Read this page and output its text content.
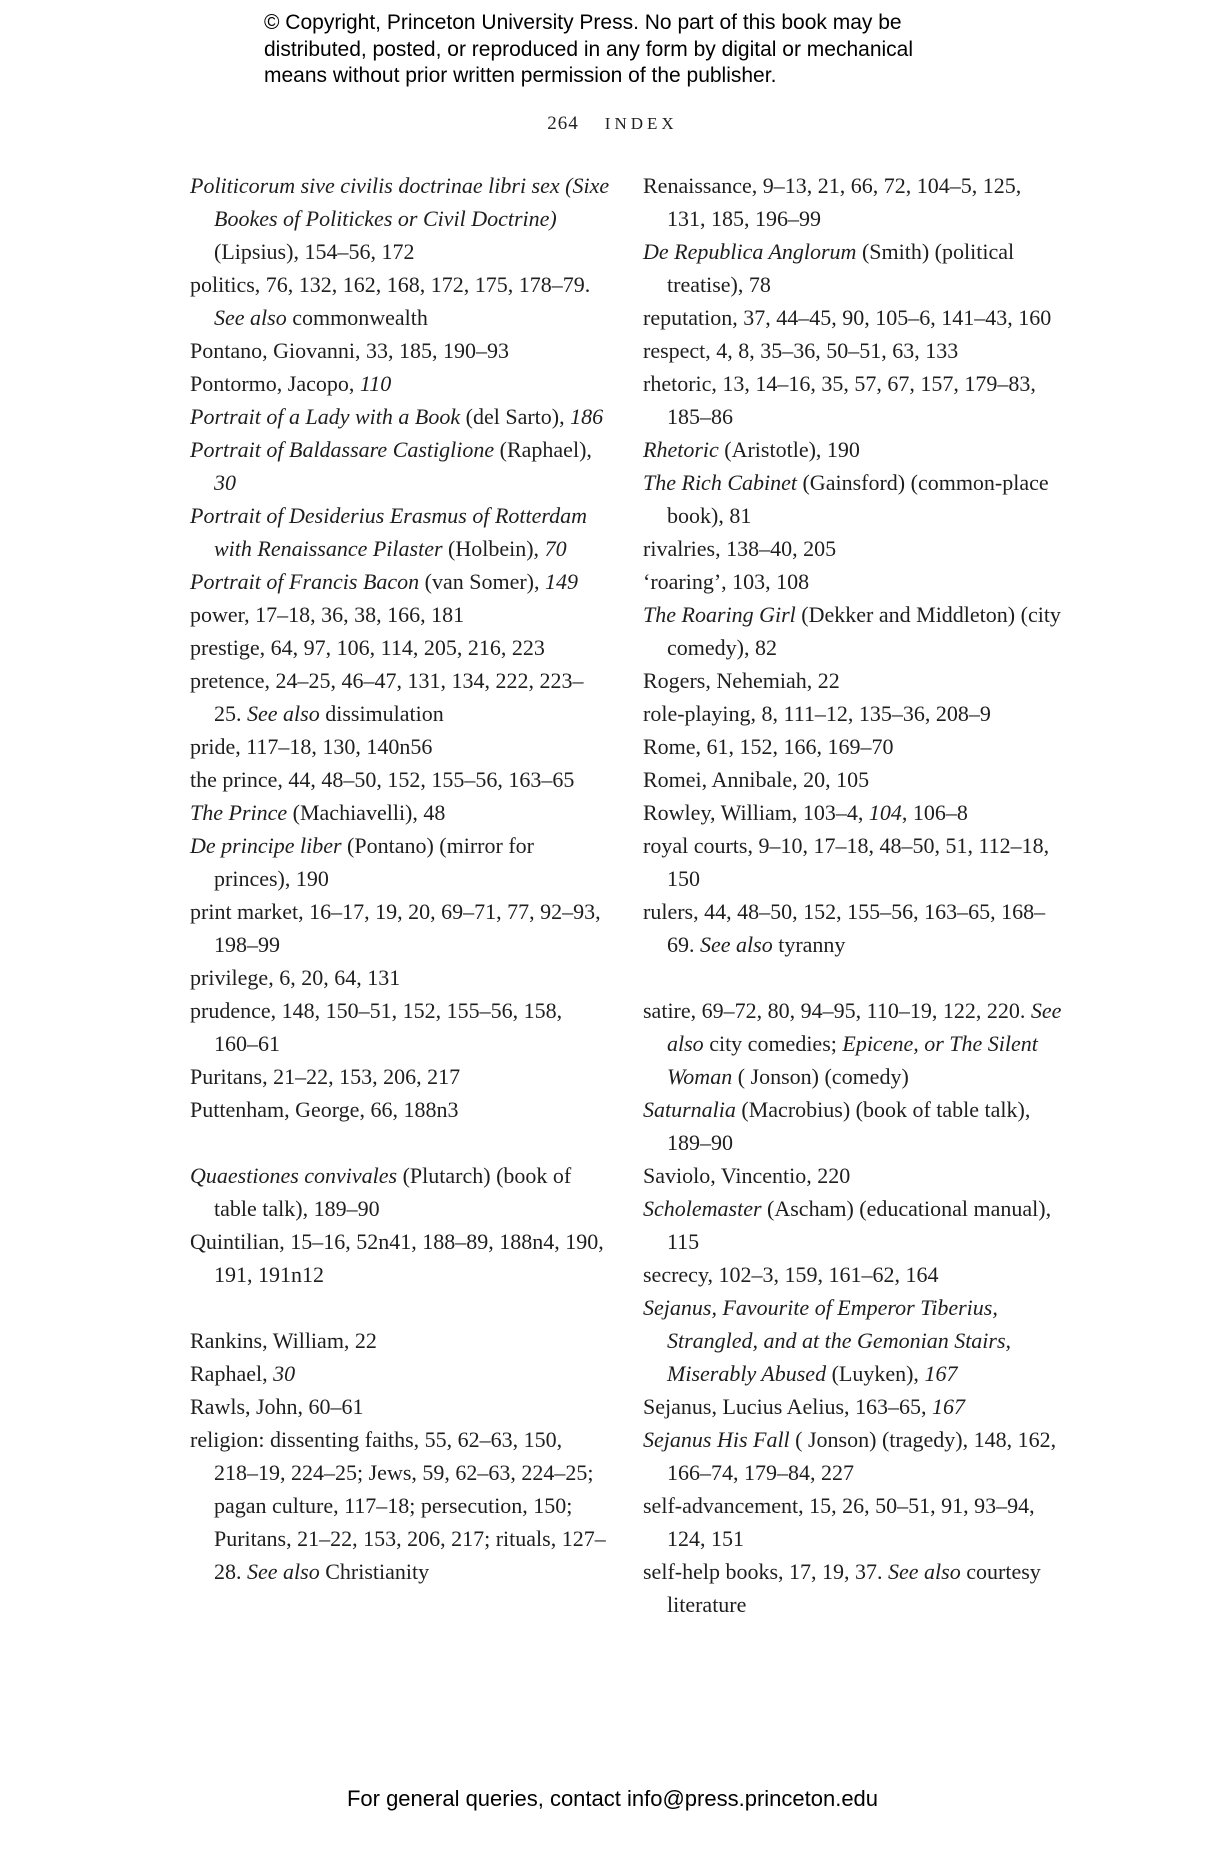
© Copyright, Princeton University Press. No part of this book may be
distributed, posted, or reproduced in any form by digital or mechanical
means without prior written permission of the publisher.
264 INDEX
Politicorum sive civilis doctrinae libri sex (Sixe Bookes of Politickes or Civil Doctrine) (Lipsius), 154–56, 172
politics, 76, 132, 162, 168, 172, 175, 178–79. See also commonwealth
Pontano, Giovanni, 33, 185, 190–93
Pontormo, Jacopo, 110
Portrait of a Lady with a Book (del Sarto), 186
Portrait of Baldassare Castiglione (Raphael), 30
Portrait of Desiderius Erasmus of Rotterdam with Renaissance Pilaster (Holbein), 70
Portrait of Francis Bacon (van Somer), 149
power, 17–18, 36, 38, 166, 181
prestige, 64, 97, 106, 114, 205, 216, 223
pretence, 24–25, 46–47, 131, 134, 222, 223–25. See also dissimulation
pride, 117–18, 130, 140n56
the prince, 44, 48–50, 152, 155–56, 163–65
The Prince (Machiavelli), 48
De principe liber (Pontano) (mirror for princes), 190
print market, 16–17, 19, 20, 69–71, 77, 92–93, 198–99
privilege, 6, 20, 64, 131
prudence, 148, 150–51, 152, 155–56, 158, 160–61
Puritans, 21–22, 153, 206, 217
Puttenham, George, 66, 188n3
Quaestiones convivales (Plutarch) (book of table talk), 189–90
Quintilian, 15–16, 52n41, 188–89, 188n4, 190, 191, 191n12
Rankins, William, 22
Raphael, 30
Rawls, John, 60–61
religion: dissenting faiths, 55, 62–63, 150, 218–19, 224–25; Jews, 59, 62–63, 224–25; pagan culture, 117–18; persecution, 150; Puritans, 21–22, 153, 206, 217; rituals, 127–28. See also Christianity
Renaissance, 9–13, 21, 66, 72, 104–5, 125, 131, 185, 196–99
De Republica Anglorum (Smith) (political treatise), 78
reputation, 37, 44–45, 90, 105–6, 141–43, 160
respect, 4, 8, 35–36, 50–51, 63, 133
rhetoric, 13, 14–16, 35, 57, 67, 157, 179–83, 185–86
Rhetoric (Aristotle), 190
The Rich Cabinet (Gainsford) (common-place book), 81
rivalries, 138–40, 205
‘roaring’, 103, 108
The Roaring Girl (Dekker and Middleton) (city comedy), 82
Rogers, Nehemiah, 22
role-playing, 8, 111–12, 135–36, 208–9
Rome, 61, 152, 166, 169–70
Romei, Annibale, 20, 105
Rowley, William, 103–4, 104, 106–8
royal courts, 9–10, 17–18, 48–50, 51, 112–18, 150
rulers, 44, 48–50, 152, 155–56, 163–65, 168–69. See also tyranny
satire, 69–72, 80, 94–95, 110–19, 122, 220. See also city comedies; Epicene, or The Silent Woman ( Jonson) (comedy)
Saturnalia (Macrobius) (book of table talk), 189–90
Saviolo, Vincentio, 220
Scholemaster (Ascham) (educational manual), 115
secrecy, 102–3, 159, 161–62, 164
Sejanus, Favourite of Emperor Tiberius, Strangled, and at the Gemonian Stairs, Miserably Abused (Luyken), 167
Sejanus, Lucius Aelius, 163–65, 167
Sejanus His Fall ( Jonson) (tragedy), 148, 162, 166–74, 179–84, 227
self-advancement, 15, 26, 50–51, 91, 93–94, 124, 151
self-help books, 17, 19, 37. See also courtesy literature
For general queries, contact info@press.princeton.edu
